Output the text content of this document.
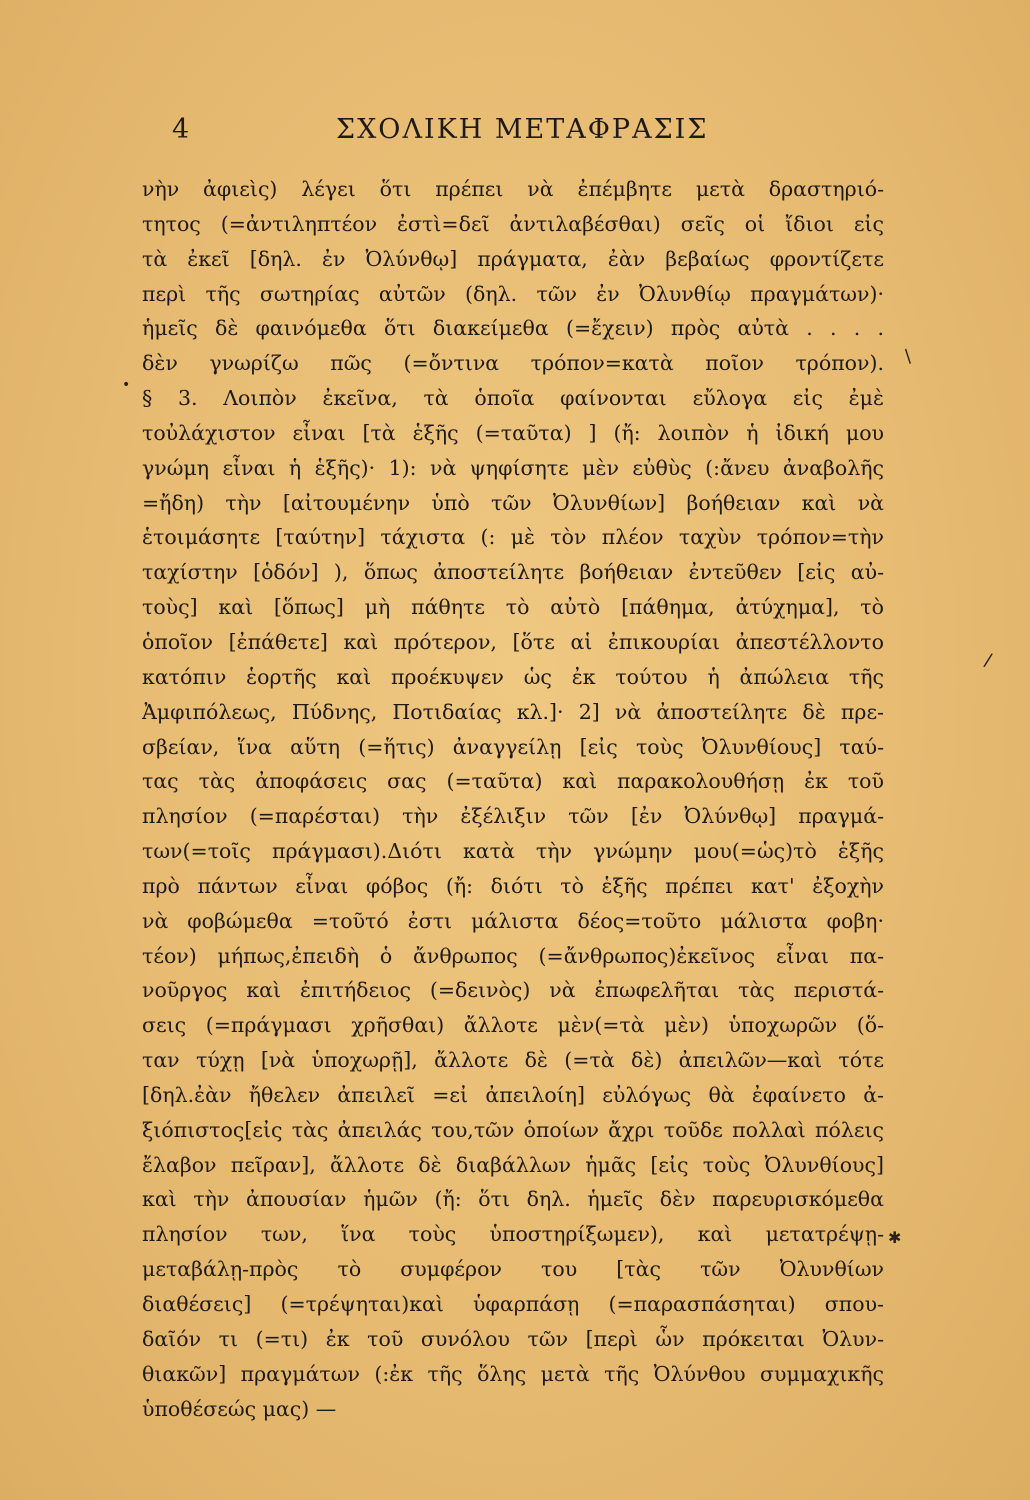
4	ΣΧΟΛΙΚΗ ΜΕΤΑΦΡΑΣΙΣ
νὴν ἀφιεὶς) λέγει ὅτι πρέπει νὰ ἐπέμβητε μετὰ δραστηριό-
τητος (=ἀντιληπτέον ἐστὶ=δεῖ ἀντιλαβέσθαι) σεῖς οἱ ἴδιοι εἰς
τὰ ἐκεῖ [δηλ. ἐν Ὀλύνθῳ] πράγματα, ἐὰν βεβαίως φροντίζετε
περὶ τῆς σωτηρίας αὐτῶν (δηλ. τῶν ἐν Ὀλυνθίῳ πραγμάτων)·
ἡμεῖς δὲ φαινόμεθα ὅτι διακείμεθα (=ἔχειν) πρὸς αὐτὰ . . . .
δὲν γνωρίζω πῶς (=ὄντινα τρόπον=κατὰ ποῖον τρόπον).
§ 3. Λοιπὸν ἐκεῖνα, τὰ ὁποῖα φαίνονται εὔλογα εἰς ἐμὲ
τοὐλάχιστον εἶναι [τὰ ἑξῆς (=ταῦτα) ] (ἤ: λοιπὸν ἡ ἰδική μου
γνώμη εἶναι ἡ ἑξῆς)· 1): νὰ ψηφίσητε μὲν εὐθὺς (:ἄνευ ἀναβολῆς
=ἤδη) τὴν [αἰτουμένην ὑπὸ τῶν Ὀλυνθίων] βοήθειαν καὶ νὰ
ἑτοιμάσητε [ταύτην] τάχιστα (: μὲ τὸν πλέον ταχὺν τρόπον=τὴν
ταχίστην [ὁδόν] ), ὅπως ἀποστείλητε βοήθειαν ἐντεῦθεν [εἰς αὐ-
τοὺς] καὶ [ὅπως] μὴ πάθητε τὸ αὐτὸ [πάθημα, ἀτύχημα], τὸ
ὁποῖον [ἐπάθετε] καὶ πρότερον, [ὅτε αἱ ἐπικουρίαι ἀπεστέλλοντο
κατόπιν ἑορτῆς καὶ προέκυψεν ὡς ἐκ τούτου ἡ ἀπώλεια τῆς
Ἀμφιπόλεως, Πύδνης, Ποτιδαίας κλ.]· 2] νὰ ἀποστείλητε δὲ πρε-
σβείαν, ἵνα αὕτη (=ἥτις) ἀναγγείλῃ [εἰς τοὺς Ὀλυνθίους] ταύ-
τας τὰς ἀποφάσεις σας (=ταῦτα) καὶ παρακολουθήσῃ ἐκ τοῦ
πλησίον (=παρέσται) τὴν ἐξέλιξιν τῶν [ἐν Ὀλύνθῳ] πραγμά-
των(=τοῖς πράγμασι).Διότι κατὰ τὴν γνώμην μου(=ὡς)τὸ ἑξῆς
πρὸ πάντων εἶναι φόβος (ἤ: διότι τὸ ἑξῆς πρέπει κατ' ἐξοχὴν
νὰ φοβώμεθα =τοῦτό ἐστι μάλιστα δέος=τοῦτο μάλιστα φοβη·
τέον) μήπως,ἐπειδὴ ὁ ἄνθρωπος (=ἄνθρωπος)ἐκεῖνος εἶναι πα-
νοῦργος καὶ ἐπιτήδειος (=δεινὸς) νὰ ἐπωφελῆται τὰς περιστά-
σεις (=πράγμασι χρῆσθαι) ἄλλοτε μὲν(=τὰ μὲν) ὑποχωρῶν (ὅ-
ταν τύχῃ [νὰ ὑποχωρῇ], ἄλλοτε δὲ (=τὰ δὲ) ἀπειλῶν—καὶ τότε
[δηλ.ἐὰν ἤθελεν ἀπειλεῖ =εἰ ἀπειλοίη] εὐλόγως θὰ ἐφαίνετο ἀ-
ξιόπιστος[εἰς τὰς ἀπειλάς του,τῶν ὁποίων ἄχρι τοῦδε πολλαὶ πόλεις
ἔλαβον πεῖραν], ἄλλοτε δὲ διαβάλλων ἡμᾶς [εἰς τοὺς Ὀλυνθίους]
καὶ τὴν ἀπουσίαν ἡμῶν (ἤ: ὅτι δηλ. ἡμεῖς δὲν παρευρισκόμεθα
πλησίον των, ἵνα τοὺς ὑποστηρίξωμεν), καὶ μετατρέψῃ-
μεταβάλῃ-πρὸς τὸ συμφέρον του [τὰς τῶν Ὀλυνθίων
διαθέσεις] (=τρέψηται)καὶ ὑφαρπάσῃ (=παρασπάσηται) σπου-
δαῖόν τι (=τι) ἐκ τοῦ συνόλου τῶν [περὶ ὧν πρόκειται Ὀλυν-
θιακῶν] πραγμάτων (:ἐκ τῆς ὅλης μετὰ τῆς Ὀλύνθου συμμαχικῆς
ὑποθέσεώς μας) —
•
/
/
✱
